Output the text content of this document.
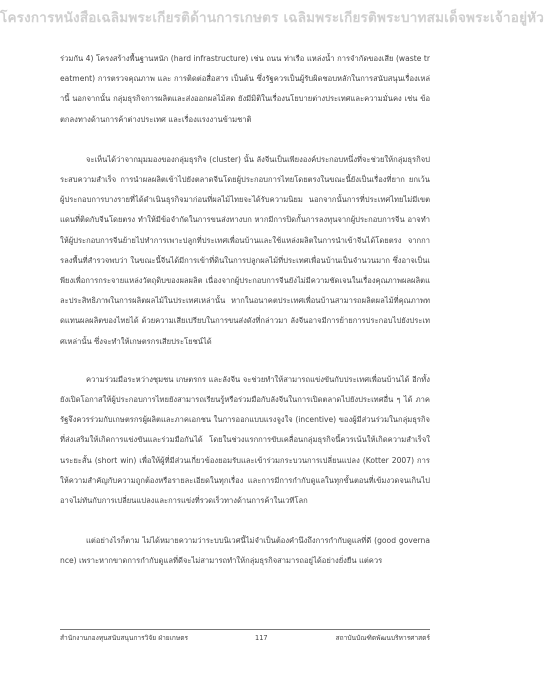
โครงการหนังสือเฉลิมพระเกียรติด้านการเกษตร เฉลิมพระเกียรติพระบาทสมเด็จพระเจ้าอยู่หัว

ร่วมกัน 4) โครงสร้างพื้นฐานหนัก (hard infrastructure) เช่น ถนน ท่าเรือ แหล่งน้ำ การจำกัดของเสีย (waste treatment) การตรวจคุณภาพ และ การติดต่อสื่อสาร เป็นต้น ซึ่งรัฐควรเป็นผู้รับผิดชอบหลักในการสนับสนุนเรื่องเหล่านี้ นอกจากนั้น กลุ่มธุรกิจการผลิตและส่งออกผลไม้สด ยังมีมิติในเรื่องนโยบายต่างประเทศและความมั่นคง เช่น ข้อตกลงทางด้านการค้าต่างประเทศ และเรื่องแรงงานข้ามชาติ

จะเห็นได้ว่าจากมุมมองของกลุ่มธุรกิจ (cluster) นั้น ลังจีนเป็นเพียงองค์ประกอบหนึ่งที่จะช่วยให้กลุ่มธุรกิจประสบความสำเร็จ การนำผลผลิตเข้าไปยังตลาดจีนโดยผู้ประกอบการไทยโดยตรงในขณะนี้ยังเป็นเรื่องที่ยาก ยกเว้นผู้ประกอบการบางรายที่ได้ดำเนินธุรกิจมาก่อนที่ผลไม้ไทยจะได้รับความนิยม นอกจากนั้นการที่ประเทศไทยไม่มีเขตแดนที่ติดกับจีนโดยตรง ทำให้มีข้อจำกัดในการขนส่งทางบก หากมีการปิดกั้นการลงทุนจากผู้ประกอบการจีน อาจทำให้ผู้ประกอบการจีนย้ายไปทำการเพาะปลูกที่ประเทศเพื่อนบ้านและใช้แหล่งผลิตในการนำเข้าจีนได้โดยตรง จากการลงพื้นที่สำรวจพบว่า ในขณะนี้จีนได้มีการเข้าที่ดินในการปลูกผลไม้ที่ประเทศเพื่อนบ้านเป็นจำนวนมาก ซึ่งอาจเป็นเพียงเพื่อการกระจายแหล่งวัตถุดิบของผลผลิต เนื่องจากผู้ประกอบการจีนยังไม่มีความชัดเจนในเรื่องคุณภาพผลผลิตและประสิทธิภาพในการผลิตผลไม้ในประเทศเหล่านั้น หากในอนาคตประเทศเพื่อนบ้านสามารถผลิตผลไม้ที่คุณภาพทดแทนผลผลิตของไทยได้ ด้วยความเสียเปรียบในการขนส่งดังที่กล่าวมา ลังจีนอาจมีการย้ายการประกอบไปยังประเทศเหล่านั้น ซึ่งจะทำให้เกษตรกรเสียประโยชน์ได้

ความร่วมมือระหว่างชุมชน เกษตรกร และลังจีน จะช่วยทำให้สามารถแข่งขันกับประเทศเพื่อนบ้านได้ อีกทั้งยังเปิดโอกาสให้ผู้ประกอบการไทยยังสามารถเรียนรู้หรือร่วมมือกับลังจีนในการเปิดตลาดไปยังประเทศอื่น ๆ ได้ ภาครัฐจึงควรร่วมกับเกษตรกรผู้ผลิตและภาคเอกชน ในการออกแบบแรงจูงใจ (incentive) ของผู้มีส่วนร่วมในกลุ่มธุรกิจ ที่ส่งเสริมให้เกิดการแข่งขันและร่วมมือกันได้ โดยในช่วงแรกการขับเคลื่อนกลุ่มธุรกิจนี้ควรเน้นให้เกิดความสำเร็จในระยะสั้น (short win) เพื่อให้ผู้ที่มีส่วนเกี่ยวข้องยอมรับและเข้าร่วมกระบวนการเปลี่ยนแปลง (Kotter 2007) การให้ความสำคัญกับความถูกต้องหรือรายละเอียดในทุกเรื่อง และการมีการกำกับดูแลในทุกขั้นตอนที่เข้มงวดจนเกินไป อาจไม่ทันกับการเปลี่ยนแปลงและการแข่งที่รวดเร็วทางด้านการค้าในเวทีโลก

แต่อย่างไรก็ตาม ไม่ได้หมายความว่าระบบนิเวศนี้ไม่จำเป็นต้องคำนึงถึงการกำกับดูแลที่ดี (good governance) เพราะหากขาดการกำกับดูแลที่ดีจะไม่สามารถทำให้กลุ่มธุรกิจสามารถอยู่ได้อย่างยั่งยืน แต่ควร

สำนักงานกองทุนสนับสนุนการวิจัย ฝ่ายเกษตร	117	สถาบันบัณฑิตพัฒนบริหารศาสตร์
